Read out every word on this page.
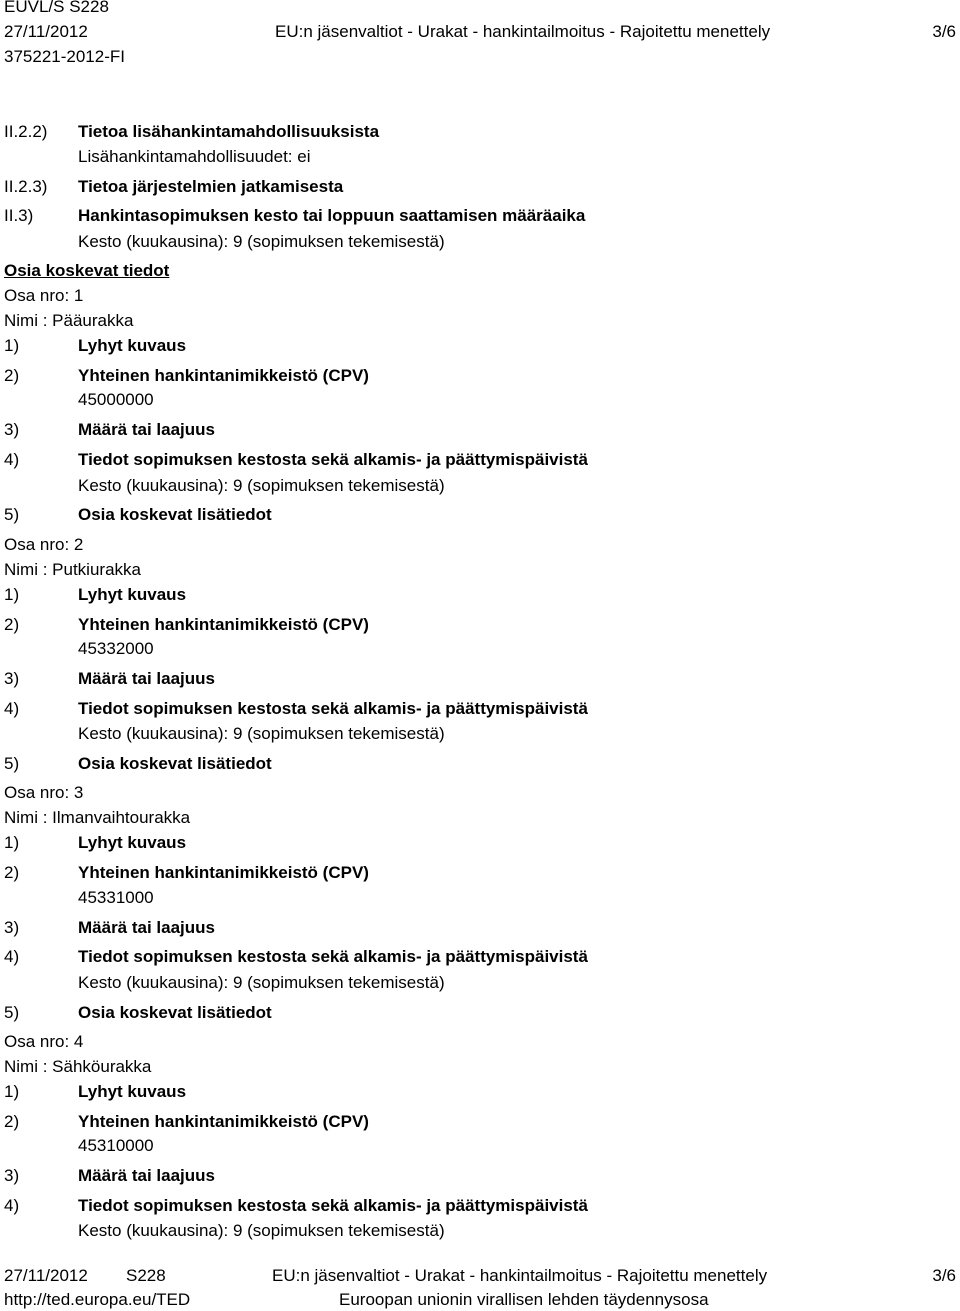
EUVL/S S228
27/11/2012
375221-2012-FI
EU:n jäsenvaltiot - Urakat - hankintailmoitus - Rajoitettu menettely	3/6
II.2.2) Tietoa lisähankintamahdollisuuksista
Lisähankintamahdollisuudet: ei
II.2.3) Tietoa järjestelmien jatkamisesta
II.3)	Hankintasopimuksen kesto tai loppuun saattamisen määräaika
Kesto (kuukausina): 9 (sopimuksen tekemisestä)
Osia koskevat tiedot
Osa nro: 1
Nimi : Pääurakka
1)	Lyhyt kuvaus
2)	Yhteinen hankintanimikkeistö (CPV)
45000000
3)	Määrä tai laajuus
4)	Tiedot sopimuksen kestosta sekä alkamis- ja päättymispäivistä
Kesto (kuukausina): 9 (sopimuksen tekemisestä)
5)	Osia koskevat lisätiedot
Osa nro: 2
Nimi : Putkiurakka
1)	Lyhyt kuvaus
2)	Yhteinen hankintanimikkeistö (CPV)
45332000
3)	Määrä tai laajuus
4)	Tiedot sopimuksen kestosta sekä alkamis- ja päättymispäivistä
Kesto (kuukausina): 9 (sopimuksen tekemisestä)
5)	Osia koskevat lisätiedot
Osa nro: 3
Nimi : Ilmanvaihtourakka
1)	Lyhyt kuvaus
2)	Yhteinen hankintanimikkeistö (CPV)
45331000
3)	Määrä tai laajuus
4)	Tiedot sopimuksen kestosta sekä alkamis- ja päättymispäivistä
Kesto (kuukausina): 9 (sopimuksen tekemisestä)
5)	Osia koskevat lisätiedot
Osa nro: 4
Nimi : Sähköurakka
1)	Lyhyt kuvaus
2)	Yhteinen hankintanimikkeistö (CPV)
45310000
3)	Määrä tai laajuus
4)	Tiedot sopimuksen kestosta sekä alkamis- ja päättymispäivistä
Kesto (kuukausina): 9 (sopimuksen tekemisestä)
27/11/2012 S228
http://ted.europa.eu/TED
EU:n jäsenvaltiot - Urakat - hankintailmoitus - Rajoitettu menettely
Euroopan unionin virallisen lehden täydennysosa
3/6
